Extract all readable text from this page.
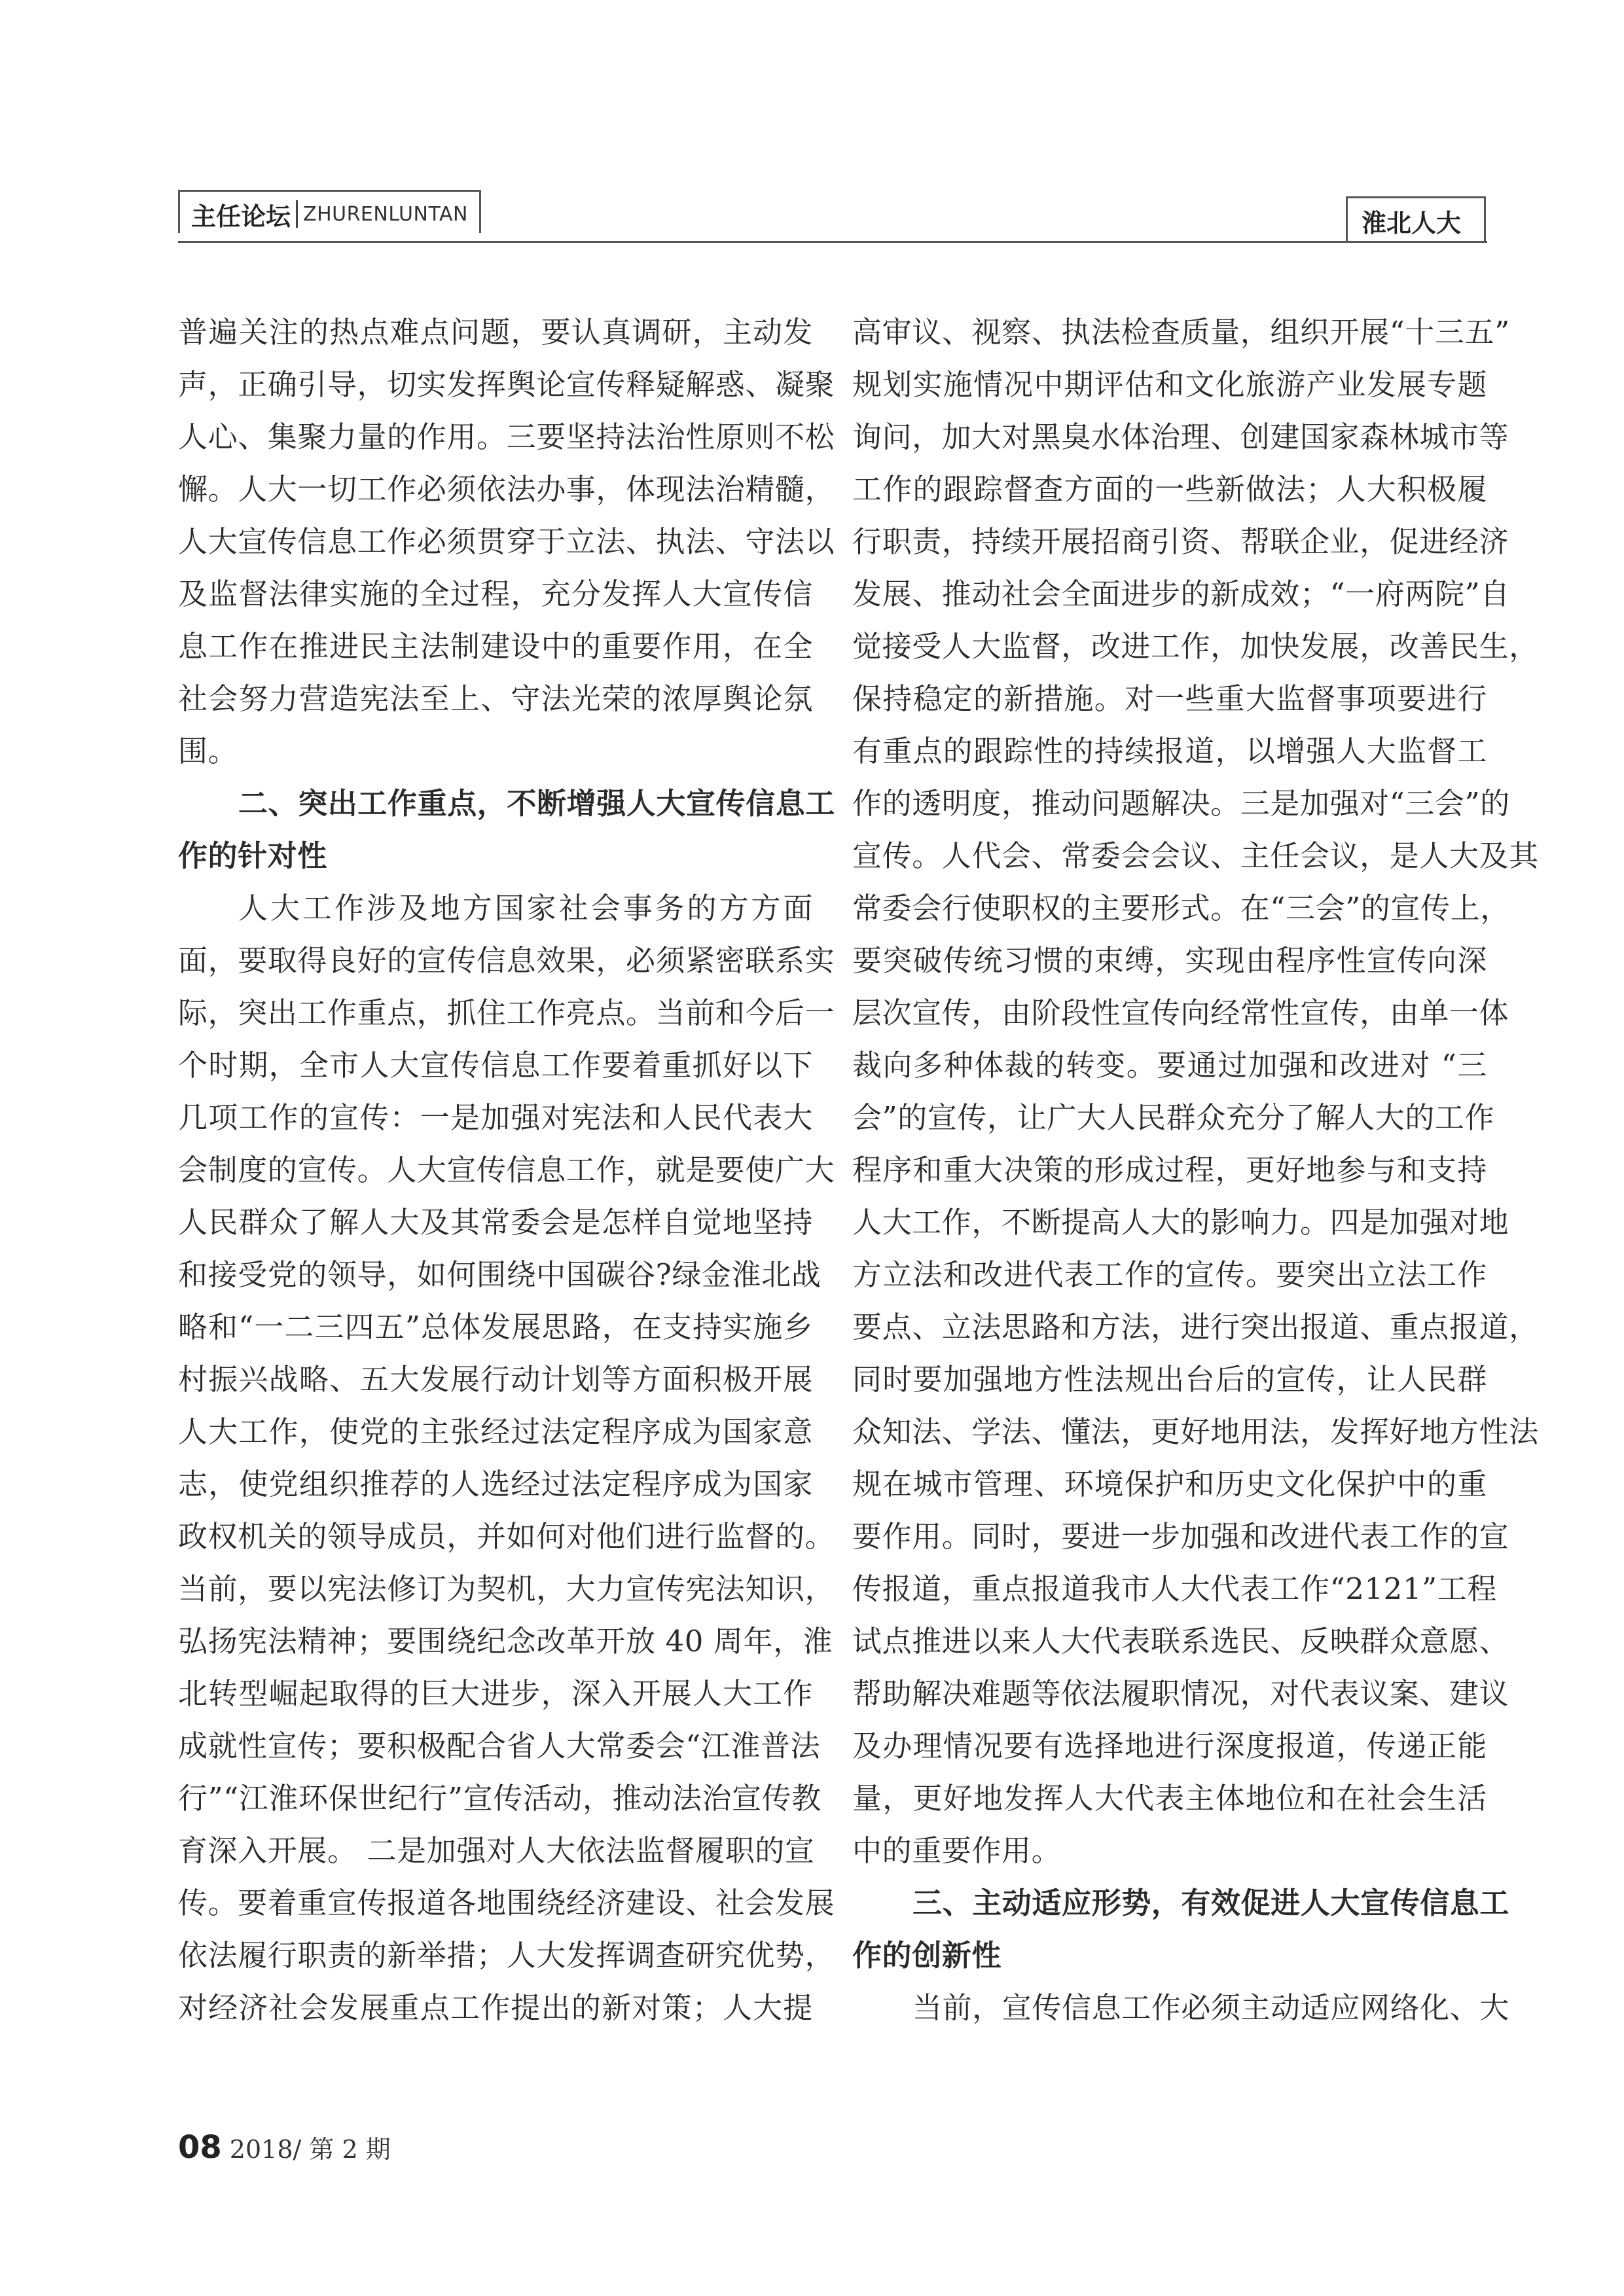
主任论坛 ZHURENLUNTAN	淮北人大
普遍关注的热点难点问题，要认真调研，主动发
声，正确引导，切实发挥舆论宣传释疑解惑、凝聚
人心、集聚力量的作用。三要坚持法治性原则不松
懈。人大一切工作必须依法办事，体现法治精髓，
人大宣传信息工作必须贯穿于立法、执法、守法以
及监督法律实施的全过程，充分发挥人大宣传信
息工作在推进民主法制建设中的重要作用，在全
社会努力营造宪法至上、守法光荣的浓厚舆论氛
围。
二、突出工作重点，不断增强人大宣传信息工
作的针对性
人大工作涉及地方国家社会事务的方方面
面，要取得良好的宣传信息效果，必须紧密联系实
际，突出工作重点，抓住工作亮点。当前和今后一
个时期，全市人大宣传信息工作要着重抓好以下
几项工作的宣传：一是加强对宪法和人民代表大
会制度的宣传。人大宣传信息工作，就是要使广大
人民群众了解人大及其常委会是怎样自觉地坚持
和接受党的领导，如何围绕中国碳谷?绿金淮北战
略和“一二三四五”总体发展思路，在支持实施乡
村振兴战略、五大发展行动计划等方面积极开展
人大工作，使党的主张经过法定程序成为国家意
志，使党组织推荐的人选经过法定程序成为国家
政权机关的领导成员，并如何对他们进行监督的。
当前，要以宪法修订为契机，大力宣传宪法知识，
弘扬宪法精神；要围绕纪念改革开放 40 周年，淮
北转型崛起取得的巨大进步，深入开展人大工作
成就性宣传；要积极配合省人大常委会“江淮普法
行”“江淮环保世纪行”宣传活动，推动法治宣传教
育深入开展。 二是加强对人大依法监督履职的宣
传。要着重宣传报道各地围绕经济建设、社会发展
依法履行职责的新举措；人大发挥调查研究优势，
对经济社会发展重点工作提出的新对策；人大提
高审议、视察、执法检查质量，组织开展“十三五”
规划实施情况中期评估和文化旅游产业发展专题
询问，加大对黑臭水体治理、创建国家森林城市等
工作的跟踪督查方面的一些新做法；人大积极履
行职责，持续开展招商引资、帮联企业，促进经济
发展、推动社会全面进步的新成效；“一府两院”自
觉接受人大监督，改进工作，加快发展，改善民生，
保持稳定的新措施。对一些重大监督事项要进行
有重点的跟踪性的持续报道，以增强人大监督工
作的透明度，推动问题解决。三是加强对“三会”的
宣传。人代会、常委会会议、主任会议，是人大及其
常委会行使职权的主要形式。在“三会”的宣传上，
要突破传统习惯的束缚，实现由程序性宣传向深
层次宣传，由阶段性宣传向经常性宣传，由单一体
裁向多种体裁的转变。要通过加强和改进对 “三
会”的宣传，让广大人民群众充分了解人大的工作
程序和重大决策的形成过程，更好地参与和支持
人大工作，不断提高人大的影响力。四是加强对地
方立法和改进代表工作的宣传。要突出立法工作
要点、立法思路和方法，进行突出报道、重点报道，
同时要加强地方性法规出台后的宣传，让人民群
众知法、学法、懂法，更好地用法，发挥好地方性法
规在城市管理、环境保护和历史文化保护中的重
要作用。同时，要进一步加强和改进代表工作的宣
传报道，重点报道我市人大代表工作“2121”工程
试点推进以来人大代表联系选民、反映群众意愿、
帮助解决难题等依法履职情况，对代表议案、建议
及办理情况要有选择地进行深度报道，传递正能
量，更好地发挥人大代表主体地位和在社会生活
中的重要作用。
三、主动适应形势，有效促进人大宣传信息工
作的创新性
当前，宣传信息工作必须主动适应网络化、大
08 2018/ 第 2 期
